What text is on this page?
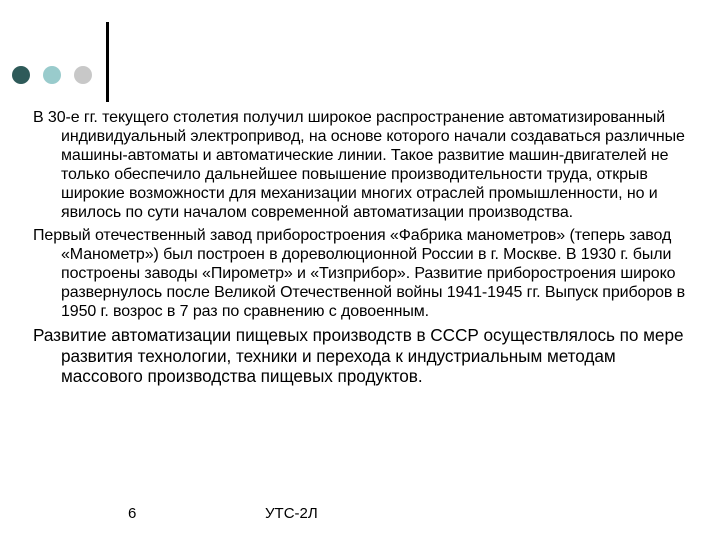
В 30-е гг. текущего столетия получил широкое распространение автоматизированный индивидуальный электропривод, на основе которого начали создаваться различные машины-автоматы и автоматические линии. Такое развитие машин-двигателей не только обеспечило дальнейшее повышение производительности труда, открыв широкие возможности для механизации многих отраслей промышленности, но и явилось по сути началом современной автоматизации производства.

Первый отечественный завод приборостроения «Фабрика манометров» (теперь завод «Манометр») был построен в дореволюционной России в г. Москве. В 1930 г. были построены заводы «Пирометр» и «Тизприбор». Развитие приборостроения широко развернулось после Великой Отечественной войны 1941-1945 гг. Выпуск приборов в 1950 г. возрос в 7 раз по сравнению с довоенным.

Развитие автоматизации пищевых производств в СССР осуществлялось по мере развития технологии, техники и перехода к индустриальным методам массового производства пищевых продуктов.

6	УТС-2Л
